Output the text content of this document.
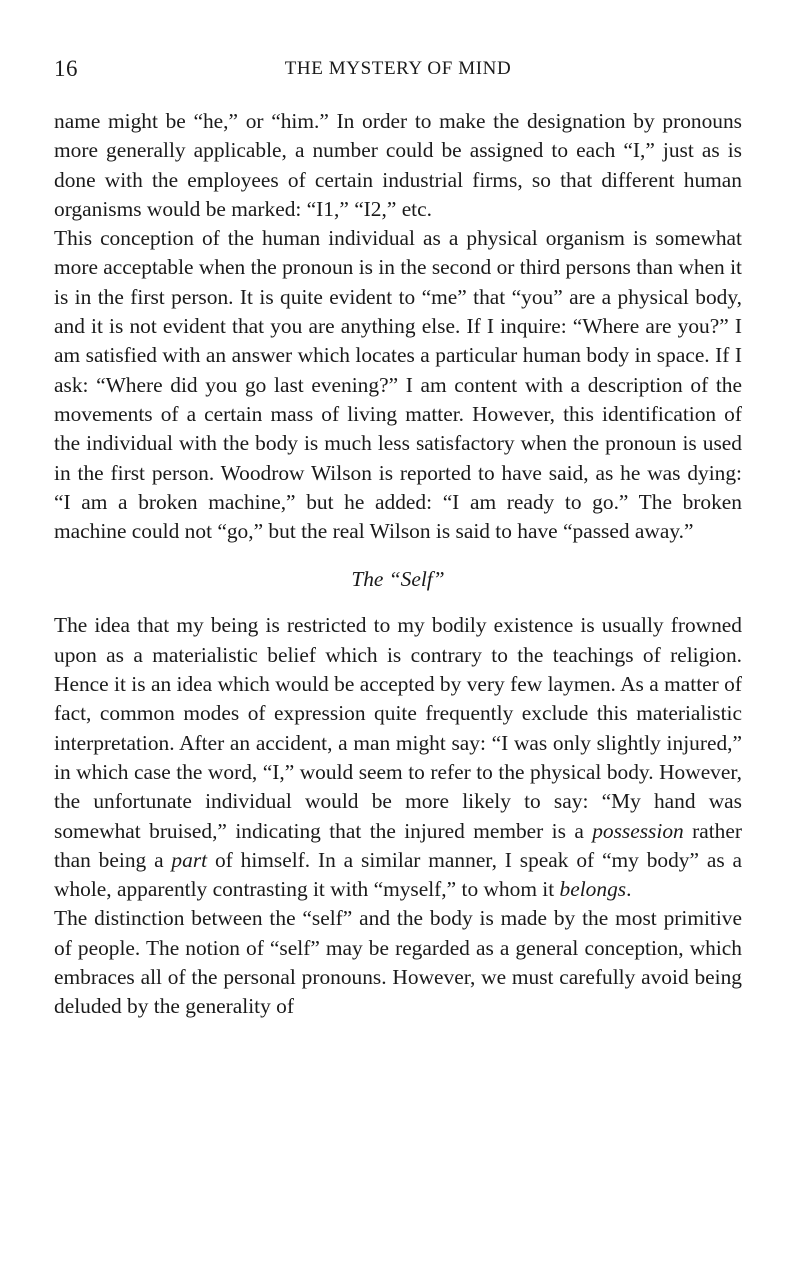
16	THE MYSTERY OF MIND

name might be “he,” or “him.” In order to make the designation by pronouns more generally applicable, a number could be assigned to each “I,” just as is done with the employees of certain industrial firms, so that different human organisms would be marked: “I1,” “I2,” etc.

This conception of the human individual as a physical organism is somewhat more acceptable when the pronoun is in the second or third persons than when it is in the first person. It is quite evident to “me” that “you” are a physical body, and it is not evident that you are anything else. If I inquire: “Where are you?” I am satisfied with an answer which locates a particular human body in space. If I ask: “Where did you go last evening?” I am content with a description of the movements of a certain mass of living matter. However, this identification of the individual with the body is much less satisfactory when the pronoun is used in the first person. Woodrow Wilson is reported to have said, as he was dying: “I am a broken machine,” but he added: “I am ready to go.” The broken machine could not “go,” but the real Wilson is said to have “passed away.”

The “Self”

The idea that my being is restricted to my bodily existence is usually frowned upon as a materialistic belief which is contrary to the teachings of religion. Hence it is an idea which would be accepted by very few laymen. As a matter of fact, common modes of expression quite frequently exclude this materialistic interpretation. After an accident, a man might say: “I was only slightly injured,” in which case the word, “I,” would seem to refer to the physical body. However, the unfortunate individual would be more likely to say: “My hand was somewhat bruised,” indicating that the injured member is a possession rather than being a part of himself. In a similar manner, I speak of “my body” as a whole, apparently contrasting it with “myself,” to whom it belongs.

The distinction between the “self” and the body is made by the most primitive of people. The notion of “self” may be regarded as a general conception, which embraces all of the personal pronouns. However, we must carefully avoid being deluded by the generality of
